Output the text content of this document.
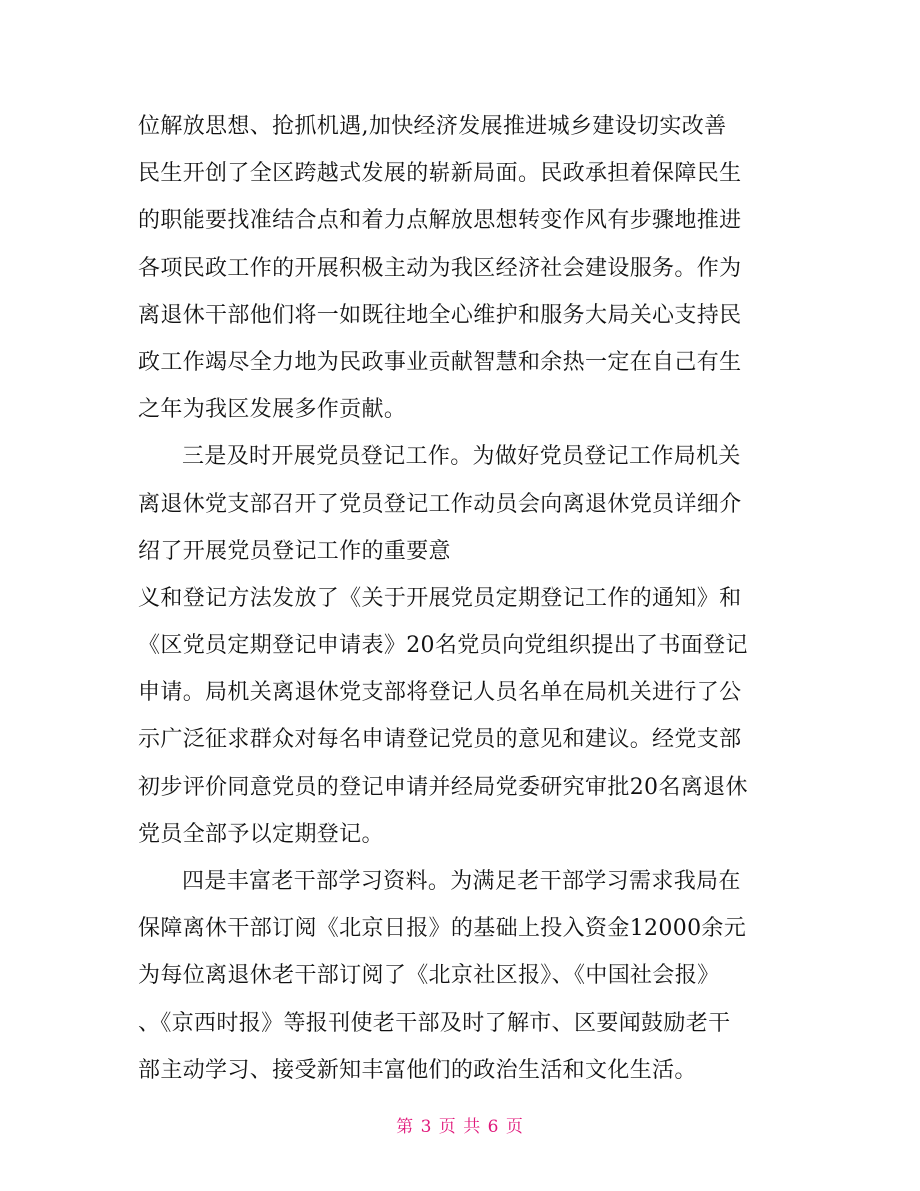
位解放思想、抢抓机遇,加快经济发展推进城乡建设切实改善
民生开创了全区跨越式发展的崭新局面。民政承担着保障民生
的职能要找准结合点和着力点解放思想转变作风有步骤地推进
各项民政工作的开展积极主动为我区经济社会建设服务。作为
离退休干部他们将一如既往地全心维护和服务大局关心支持民
政工作竭尽全力地为民政事业贡献智慧和余热一定在自己有生
之年为我区发展多作贡献。
三是及时开展党员登记工作。为做好党员登记工作局机关
离退休党支部召开了党员登记工作动员会向离退休党员详细介
绍了开展党员登记工作的重要意
义和登记方法发放了《关于开展党员定期登记工作的通知》和
《区党员定期登记申请表》20名党员向党组织提出了书面登记
申请。局机关离退休党支部将登记人员名单在局机关进行了公
示广泛征求群众对每名申请登记党员的意见和建议。经党支部
初步评价同意党员的登记申请并经局党委研究审批20名离退休
党员全部予以定期登记。
四是丰富老干部学习资料。为满足老干部学习需求我局在
保障离休干部订阅《北京日报》的基础上投入资金12000余元
为每位离退休老干部订阅了《北京社区报》、《中国社会报》
、《京西时报》等报刊使老干部及时了解市、区要闻鼓励老干
部主动学习、接受新知丰富他们的政治生活和文化生活。
第 3 页 共 6 页
